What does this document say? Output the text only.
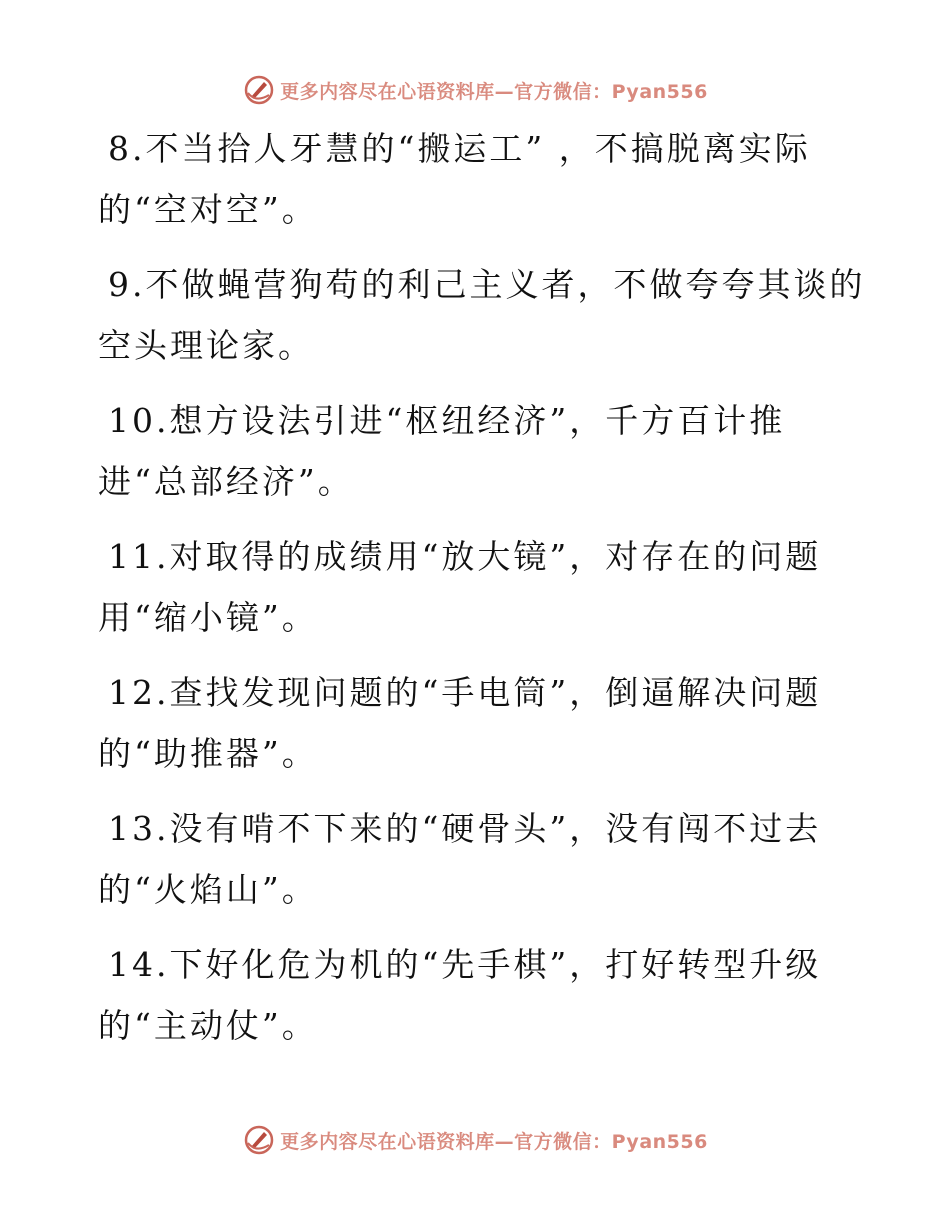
更多内容尽在心语资料库—官方微信：Pyan556

8.不当拾人牙慧的“搬运工” ，不搞脱离实际
的“空对空”。

9.不做蝇营狗苟的利己主义者，不做夸夸其谈的
空头理论家。

10.想方设法引进“枢纽经济”，千方百计推
进“总部经济”。

11.对取得的成绩用“放大镜”，对存在的问题
用“缩小镜”。

12.查找发现问题的“手电筒”，倒逼解决问题
的“助推器”。

13.没有啃不下来的“硬骨头”，没有闯不过去
的“火焰山”。

14.下好化危为机的“先手棋”，打好转型升级
的“主动仗”。

更多内容尽在心语资料库—官方微信：Pyan556
